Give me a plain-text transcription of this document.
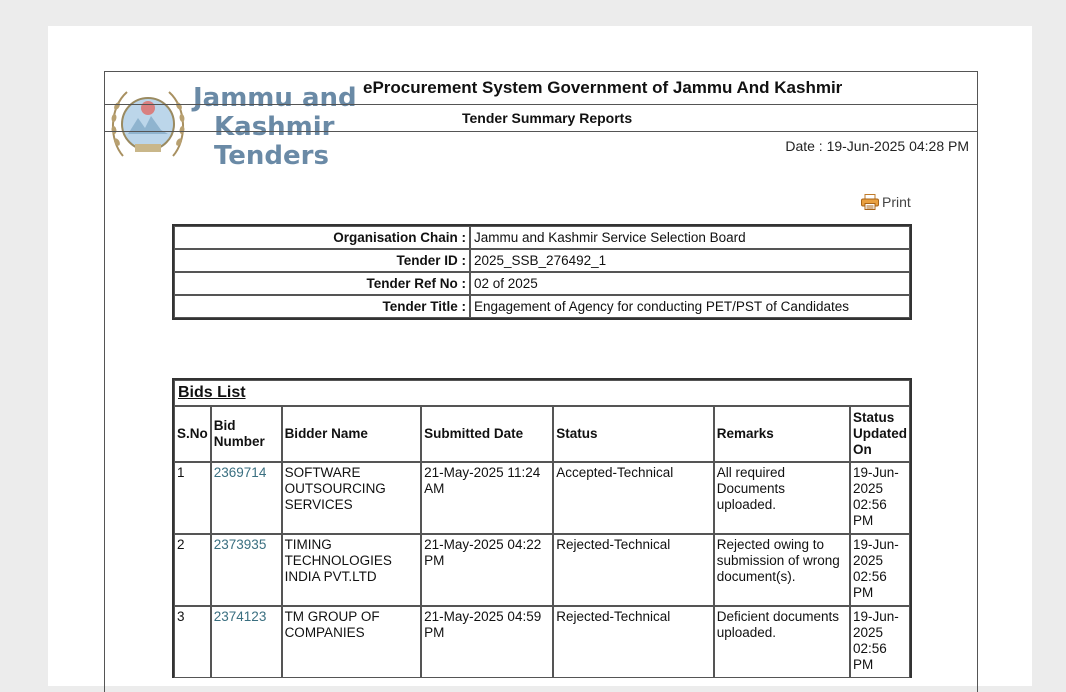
Jammu and
Kashmir
Tenders
eProcurement System Government of Jammu And Kashmir
Tender Summary Reports
Date : 19-Jun-2025 04:28 PM
Print
Organisation Chain :	Jammu and Kashmir Service Selection Board
Tender ID :	2025_SSB_276492_1
Tender Ref No :	02 of 2025
Tender Title :	Engagement of Agency for conducting PET/PST of Candidates
Bids List						
S.No	Bid Number	Bidder Name	Submitted Date	Status	Remarks	Status Updated On
1	2369714	SOFTWARE OUTSOURCING SERVICES	21-May-2025 11:24 AM	Accepted-Technical	All required Documents uploaded.	19-Jun-2025 02:56 PM
2	2373935	TIMING TECHNOLOGIES INDIA PVT.LTD	21-May-2025 04:22 PM	Rejected-Technical	Rejected owing to submission of wrong document(s).	19-Jun-2025 02:56 PM
3	2374123	TM GROUP OF COMPANIES	21-May-2025 04:59 PM	Rejected-Technical	Deficient documents uploaded.	19-Jun-2025 02:56 PM
